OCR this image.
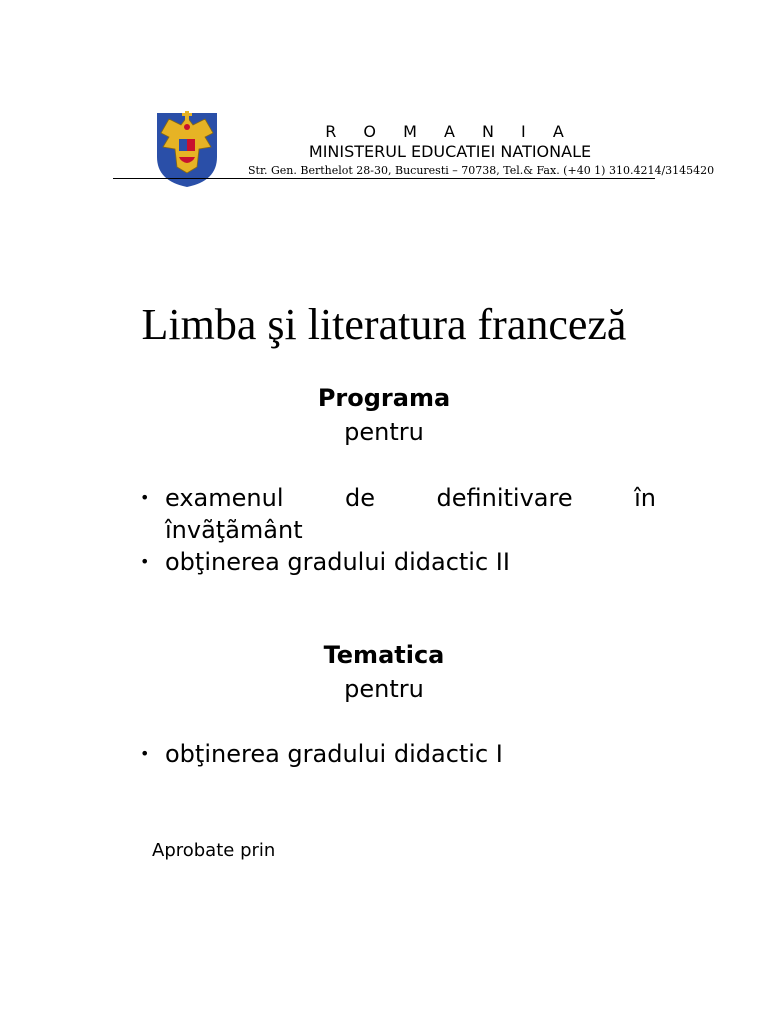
R O M A N I A
MINISTERUL EDUCATIEI NATIONALE
Str. Gen. Berthelot 28-30, Bucuresti – 70738, Tel.& Fax. (+40 1) 310.4214/3145420
Limba şi literatura franceză
Programa
pentru
• examenul	de	definitivare	în
învãţãmânt
• obţinerea gradului didactic II
Tematica
pentru
• obţinerea gradului didactic I
Aprobate prin
